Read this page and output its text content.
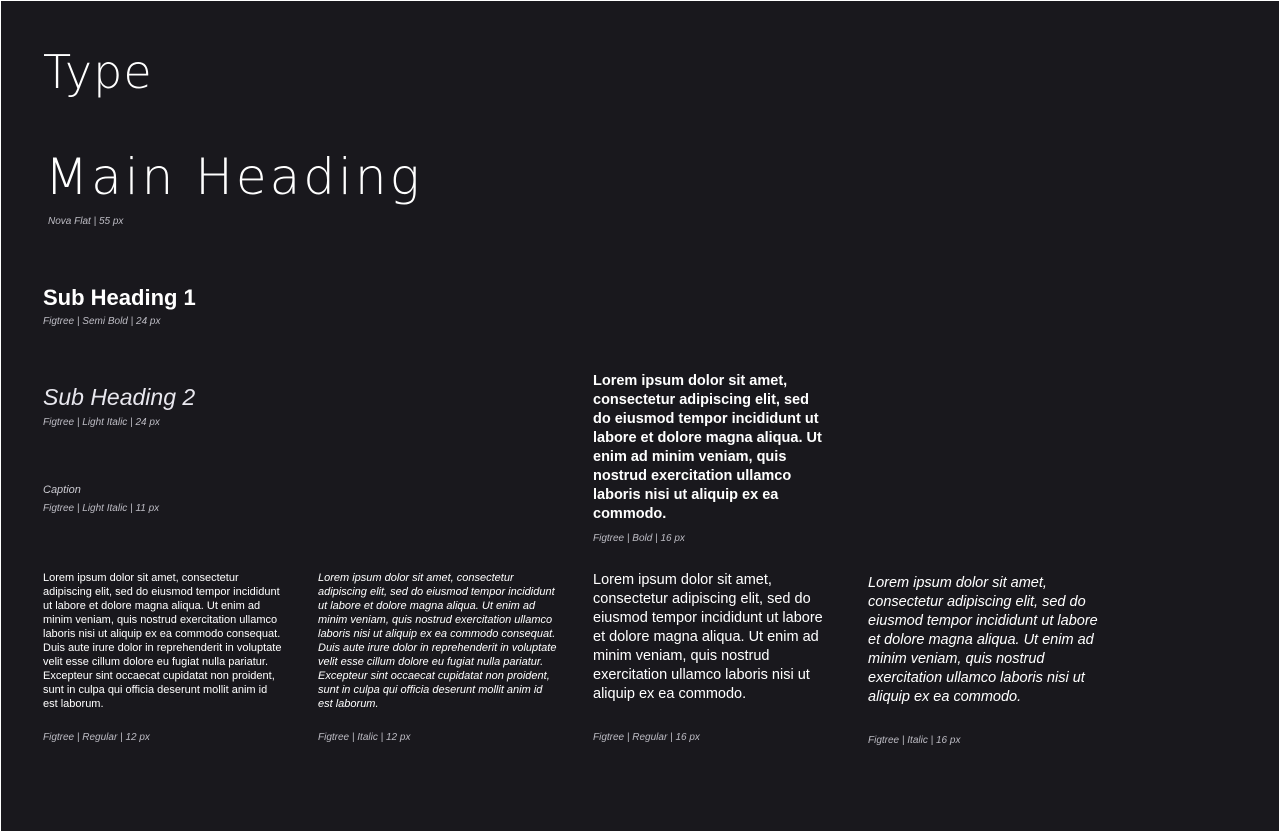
Type
Main Heading
Nova Flat | 55 px
Sub Heading 1
Figtree | Semi Bold | 24 px
Sub Heading 2
Figtree | Light Italic | 24 px
Caption
Figtree | Light Italic | 11 px
Lorem ipsum dolor sit amet, consectetur adipiscing elit, sed do eiusmod tempor incididunt ut labore et dolore magna aliqua. Ut enim ad minim veniam, quis nostrud exercitation ullamco laboris nisi ut aliquip ex ea commodo.
Figtree | Bold | 16 px
Lorem ipsum dolor sit amet, consectetur adipiscing elit, sed do eiusmod tempor incididunt ut labore et dolore magna aliqua. Ut enim ad minim veniam, quis nostrud exercitation ullamco laboris nisi ut aliquip ex ea commodo consequat. Duis aute irure dolor in reprehenderit in voluptate velit esse cillum dolore eu fugiat nulla pariatur. Excepteur sint occaecat cupidatat non proident, sunt in culpa qui officia deserunt mollit anim id est laborum.
Figtree | Regular | 12 px
Lorem ipsum dolor sit amet, consectetur adipiscing elit, sed do eiusmod tempor incididunt ut labore et dolore magna aliqua. Ut enim ad minim veniam, quis nostrud exercitation ullamco laboris nisi ut aliquip ex ea commodo consequat. Duis aute irure dolor in reprehenderit in voluptate velit esse cillum dolore eu fugiat nulla pariatur. Excepteur sint occaecat cupidatat non proident, sunt in culpa qui officia deserunt mollit anim id est laborum.
Figtree | Italic | 12 px
Lorem ipsum dolor sit amet, consectetur adipiscing elit, sed do eiusmod tempor incididunt ut labore et dolore magna aliqua. Ut enim ad minim veniam, quis nostrud exercitation ullamco laboris nisi ut aliquip ex ea commodo.
Figtree | Regular | 16 px
Lorem ipsum dolor sit amet, consectetur adipiscing elit, sed do eiusmod tempor incididunt ut labore et dolore magna aliqua. Ut enim ad minim veniam, quis nostrud exercitation ullamco laboris nisi ut aliquip ex ea commodo.
Figtree | Italic | 16 px
